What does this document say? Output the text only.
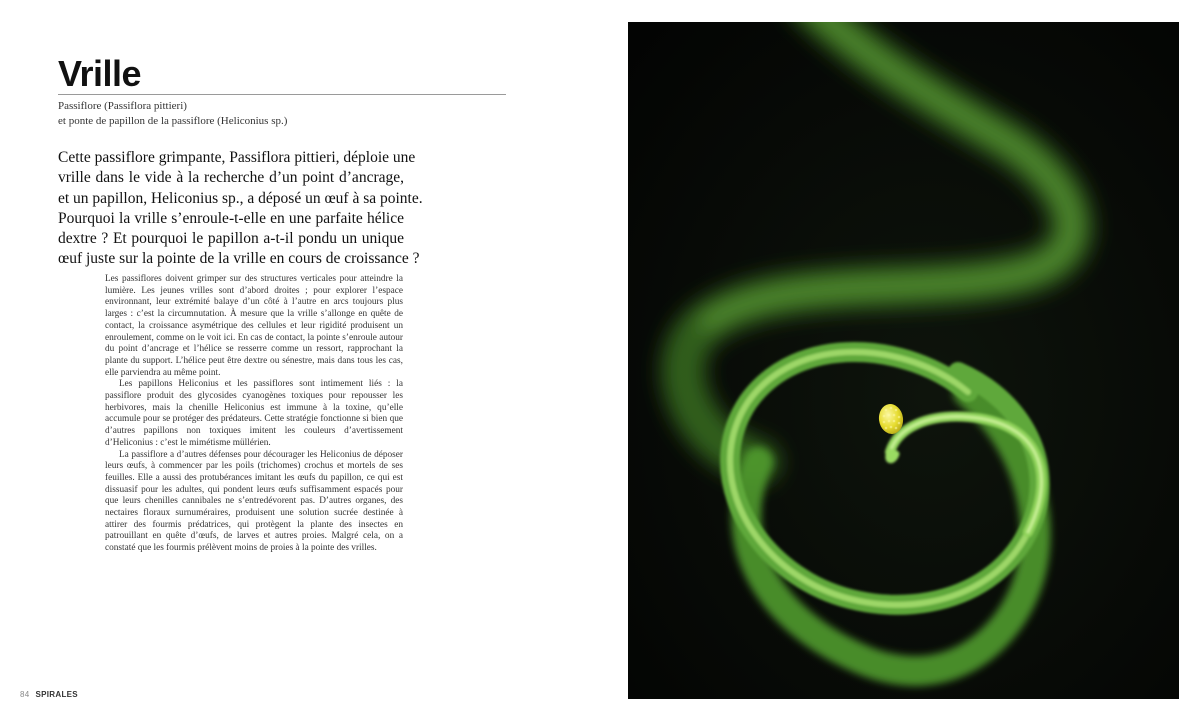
Vrille
Passiflore (Passiflora pittieri)
et ponte de papillon de la passiflore (Heliconius sp.)
Cette passiflore grimpante, Passiflora pittieri, déploie une
vrille dans le vide à la recherche d’un point d’ancrage,
et un papillon, Heliconius sp., a déposé un œuf à sa pointe.
Pourquoi la vrille s’enroule-t-elle en une parfaite hélice
dextre ? Et pourquoi le papillon a-t-il pondu un unique
œuf juste sur la pointe de la vrille en cours de croissance ?

Les passiflores doivent grimper sur des structures verticales pour atteindre la lumière. Les jeunes vrilles sont d’abord droites ; pour explorer l’espace environnant, leur extrémité balaye d’un côté à l’autre en arcs toujours plus larges : c’est la circumnutation. À mesure que la vrille s’allonge en quête de contact, la croissance asymétrique des cellules et leur rigidité produisent un enroulement, comme on le voit ici. En cas de contact, la pointe s’enroule autour du point d’ancrage et l’hélice se resserre comme un ressort, rapprochant la plante du support. L’hélice peut être dextre ou sénestre, mais dans tous les cas, elle parviendra au même point.

Les papillons Heliconius et les passiflores sont intimement liés : la passiflore produit des glycosides cyanogènes toxiques pour repousser les herbivores, mais la chenille Heliconius est immune à la toxine, qu’elle accumule pour se protéger des prédateurs. Cette stratégie fonctionne si bien que d’autres papillons non toxiques imitent les couleurs d’avertissement d’Heliconius : c’est le mimétisme müllérien.

La passiflore a d’autres défenses pour décourager les Heliconius de déposer leurs œufs, à commencer par les poils (trichomes) crochus et mortels de ses feuilles. Elle a aussi des protubérances imitant les œufs du papillon, ce qui est dissuasif pour les adultes, qui pondent leurs œufs suffisamment espacés pour que leurs chenilles cannibales ne s’entredévorent pas. D’autres organes, des nectaires floraux surnuméraires, produisent une solution sucrée destinée à attirer des fourmis prédatrices, qui protègent la plante des insectes en patrouillant en quête d’œufs, de larves et autres proies. Malgré cela, on a constaté que les fourmis prélèvent moins de proies à la pointe des vrilles.

84 SPIRALES
